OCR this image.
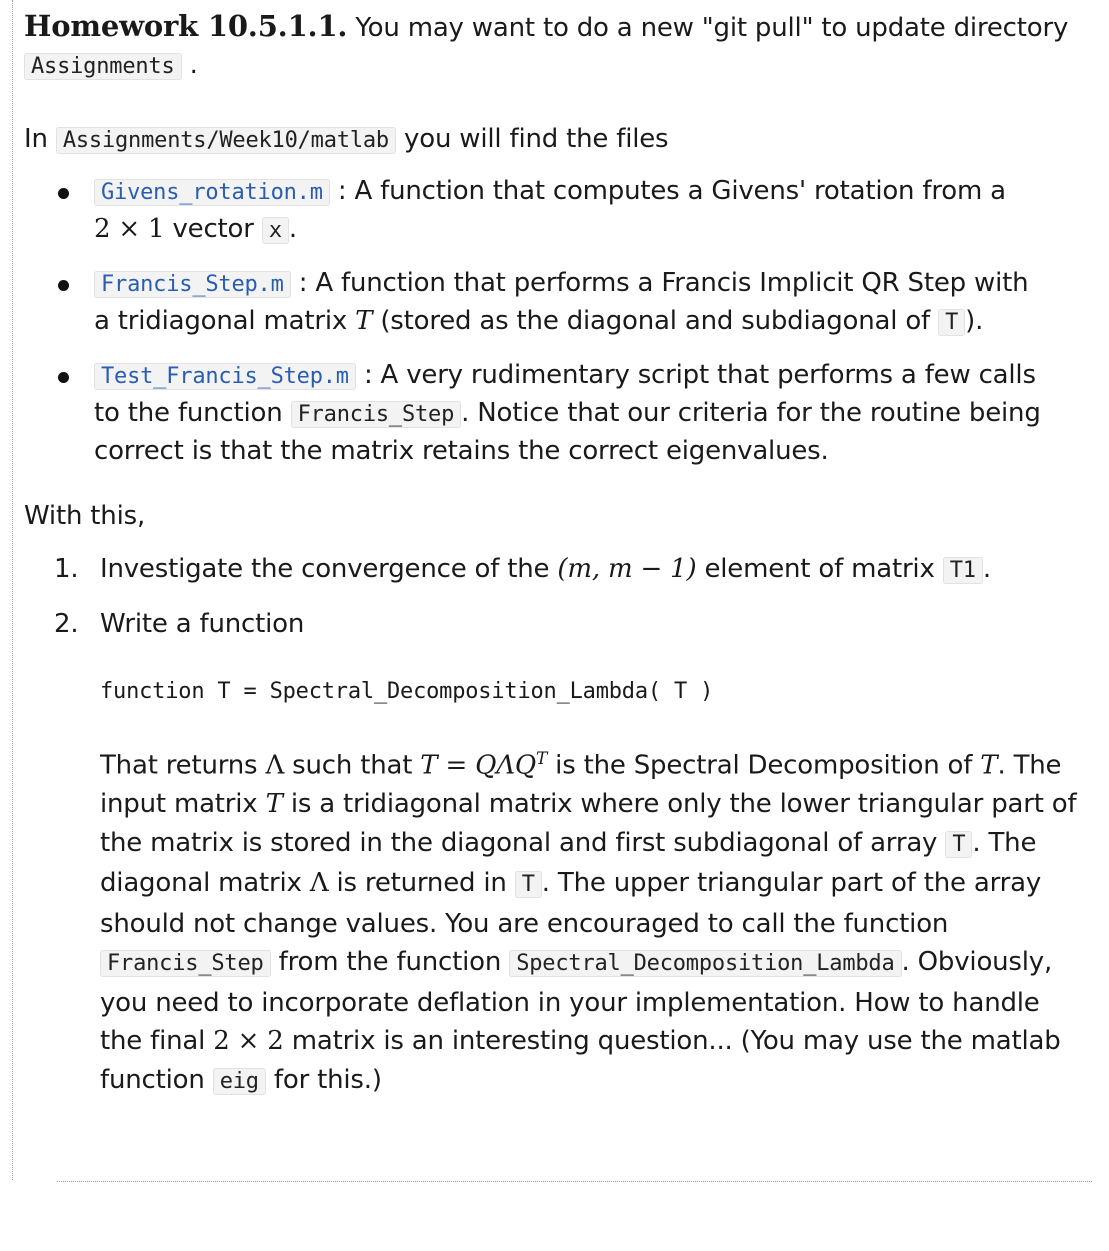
Homework 10.5.1.1. You may want to do a new "git pull" to update directory
Assignments .

In Assignments/Week10/matlab you will find the files

Givens_rotation.m : A function that computes a Givens' rotation from a
2 × 1 vector x .
Francis_Step.m : A function that performs a Francis Implicit QR Step with
a tridiagonal matrix T (stored as the diagonal and subdiagonal of T ).
Test_Francis_Step.m : A very rudimentary script that performs a few calls
to the function Francis_Step . Notice that our criteria for the routine being correct is that the matrix retains the correct eigenvalues.

With this,

1. Investigate the convergence of the (m, m − 1) element of matrix T1 .
2. Write a function
function T = Spectral_Decomposition_Lambda( T )
That returns Λ such that $T = Q\Lambda Q^T$ is the Spectral Decomposition of T. The input matrix T is a tridiagonal matrix where only the lower triangular part of the matrix is stored in the diagonal and first subdiagonal of array T . The diagonal matrix Λ is returned in T . The upper triangular part of the array should not change values. You are encouraged to call the function Francis_Step from the function Spectral_Decomposition_Lambda . Obviously, you need to incorporate deflation in your implementation. How to handle the final 2 × 2 matrix is an interesting question... (You may use the matlab function eig for this.)
